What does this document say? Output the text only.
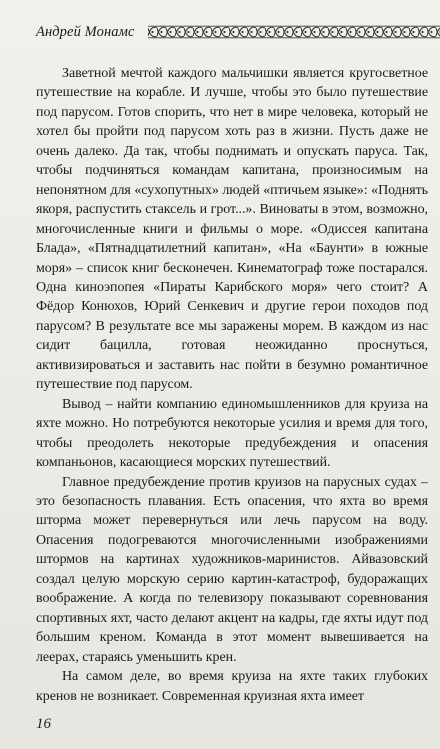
Андрей Монамс

Заветной мечтой каждого мальчишки является кругосветное путешествие на корабле. И лучше, чтобы это было путешествие под парусом. Готов спорить, что нет в мире человека, который не хотел бы пройти под парусом хоть раз в жизни. Пусть даже не очень далеко. Да так, чтобы поднимать и опускать паруса. Так, чтобы подчиняться командам капитана, произносимым на непонятном для «сухопутных» людей «птичьем языке»: «Поднять якоря, распустить стаксель и грот...». Виноваты в этом, возможно, многочисленные книги и фильмы о море. «Одиссея капитана Блада», «Пятнадцатилетний капитан», «На «Баунти» в южные моря» – список книг бесконечен. Кинематограф тоже постарался. Одна киноэпопея «Пираты Карибского моря» чего стоит? А Фёдор Конюхов, Юрий Сенкевич и другие герои походов под парусом? В результате все мы заражены морем. В каждом из нас сидит бацилла, готовая неожиданно проснуться, активизироваться и заставить нас пойти в безумно романтичное путешествие под парусом.

Вывод – найти компанию единомышленников для круиза на яхте можно. Но потребуются некоторые усилия и время для того, чтобы преодолеть некоторые предубеждения и опасения компаньонов, касающиеся морских путешествий.

Главное предубеждение против круизов на парусных судах – это безопасность плавания. Есть опасения, что яхта во время шторма может перевернуться или лечь парусом на воду. Опасения подогреваются многочисленными изображениями штормов на картинах художников-маринистов. Айвазовский создал целую морскую серию картин-катастроф, будоражащих воображение. А когда по телевизору показывают соревнования спортивных яхт, часто делают акцент на кадры, где яхты идут под большим креном. Команда в этот момент вывешивается на леерах, стараясь уменьшить крен.

На самом деле, во время круиза на яхте таких глубоких кренов не возникает. Современная круизная яхта имеет

16
